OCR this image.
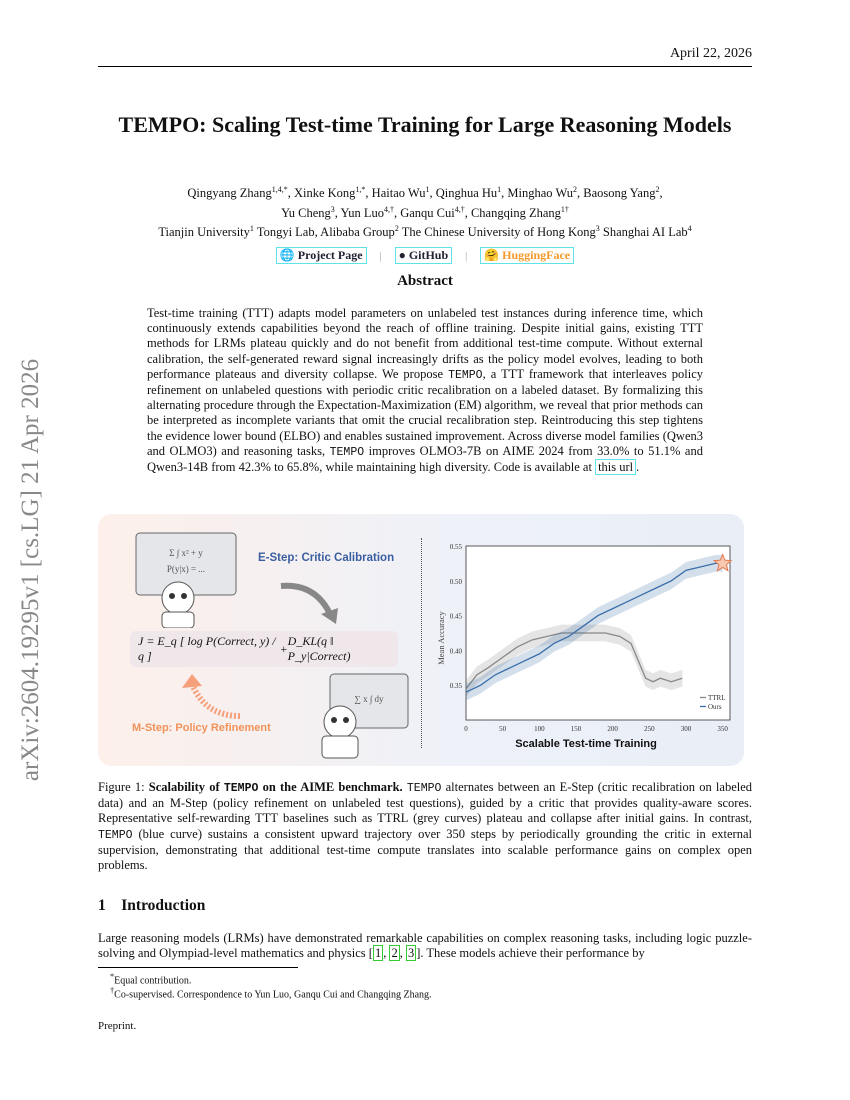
April 22, 2026
arXiv:2604.19295v1 [cs.LG] 21 Apr 2026
TEMPO: Scaling Test-time Training for Large Reasoning Models
Qingyang Zhang$^{1,4,*}$, Xinke Kong$^{1,*}$, Haitao Wu$^1$, Qinghua Hu$^1$, Minghao Wu$^2$, Baosong Yang$^2$,
Yu Cheng$^3$, Yun Luo$^{4,\dagger}$, Ganqu Cui$^{4,\dagger}$, Changqing Zhang$^{1\dagger}$
Tianjin University$^1$ Tongyi Lab, Alibaba Group$^2$ The Chinese University of Hong Kong$^3$ Shanghai AI Lab$^4$
🌐 Project Page | ● GitHub | 🤗 HuggingFace
Abstract
Test-time training (TTT) adapts model parameters on unlabeled test instances during inference time, which continuously extends capabilities beyond the reach of offline training. Despite initial gains, existing TTT methods for LRMs plateau quickly and do not benefit from additional test-time compute. Without external calibration, the self-generated reward signal increasingly drifts as the policy model evolves, leading to both performance plateaus and diversity collapse. We propose TEMPO, a TTT framework that interleaves policy refinement on unlabeled questions with periodic critic recalibration on a labeled dataset. By formalizing this alternating procedure through the Expectation-Maximization (EM) algorithm, we reveal that prior methods can be interpreted as incomplete variants that omit the crucial recalibration step. Reintroducing this step tightens the evidence lower bound (ELBO) and enables sustained improvement. Across diverse model families (Qwen3 and OLMO3) and reasoning tasks, TEMPO improves OLMO3-7B on AIME 2024 from 33.0% to 51.1% and Qwen3-14B from 42.3% to 65.8%, while maintaining high diversity. Code is available at this url .
Σ ∫ x² + y
P(y|x) = ...
E-Step: Critic Calibration
J = E_q [ log P(Correct, y) / q ]
+
D_KL(q ‖ P_y|Correct)
M-Step: Policy Refinement
∑ x ∫ dy
Mean Accuracy
0.35
0.40
0.45
0.50
0.55
0	50	100	150	200	250	300	350
TTRL
Ours
Scalable Test-time Training
Figure 1: Scalability of TEMPO on the AIME benchmark. TEMPO alternates between an E-Step (critic recalibration on labeled data) and an M-Step (policy refinement on unlabeled test questions), guided by a critic that provides quality-aware scores. Representative self-rewarding TTT baselines such as TTRL (grey curves) plateau and collapse after initial gains. In contrast, TEMPO (blue curve) sustains a consistent upward trajectory over 350 steps by periodically grounding the critic in external supervision, demonstrating that additional test-time compute translates into scalable performance gains on complex open problems.
1 Introduction
Large reasoning models (LRMs) have demonstrated remarkable capabilities on complex reasoning tasks, including logic puzzle-solving and Olympiad-level mathematics and physics [ 1 , 2 , 3 ]. These models achieve their performance by
*Equal contribution.
†Co-supervised. Correspondence to Yun Luo, Ganqu Cui and Changqing Zhang.
Preprint.
